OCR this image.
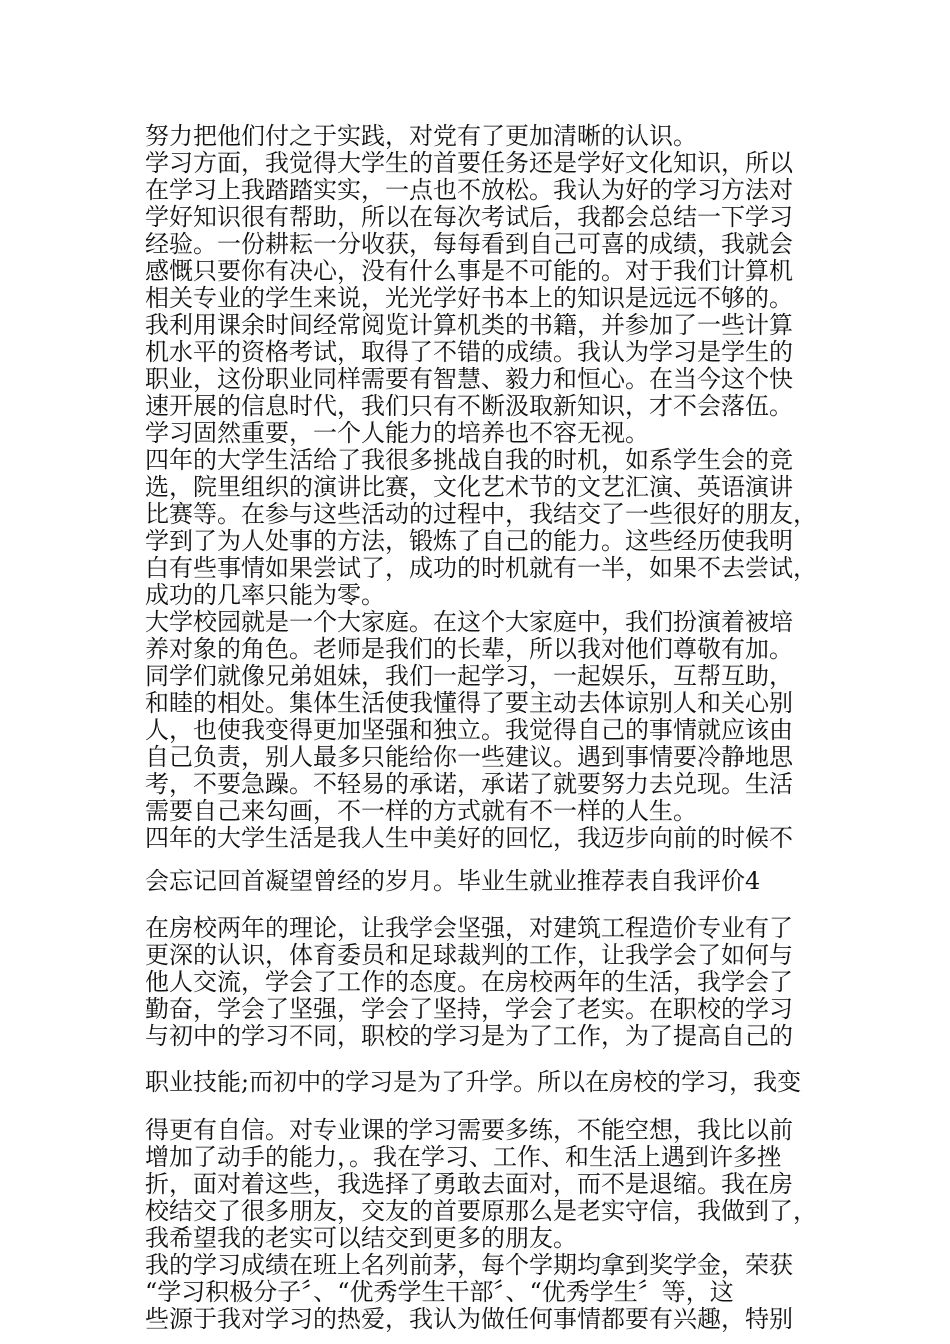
努力把他们付之于实践，对党有了更加清晰的认识。
学习方面，我觉得大学生的首要任务还是学好文化知识，所以
在学习上我踏踏实实，一点也不放松。我认为好的学习方法对
学好知识很有帮助，所以在每次考试后，我都会总结一下学习
经验。一份耕耘一分收获，每每看到自己可喜的成绩，我就会
感慨只要你有决心，没有什么事是不可能的。对于我们计算机
相关专业的学生来说，光光学好书本上的知识是远远不够的。
我利用课余时间经常阅览计算机类的书籍，并参加了一些计算
机水平的资格考试，取得了不错的成绩。我认为学习是学生的
职业，这份职业同样需要有智慧、毅力和恒心。在当今这个快
速开展的信息时代，我们只有不断汲取新知识，才不会落伍。
学习固然重要，一个人能力的培养也不容无视。
四年的大学生活给了我很多挑战自我的时机，如系学生会的竞
选，院里组织的演讲比赛，文化艺术节的文艺汇演、英语演讲
比赛等。在参与这些活动的过程中，我结交了一些很好的朋友，
学到了为人处事的方法，锻炼了自己的能力。这些经历使我明
白有些事情如果尝试了，成功的时机就有一半，如果不去尝试，
成功的几率只能为零。
大学校园就是一个大家庭。在这个大家庭中，我们扮演着被培
养对象的角色。老师是我们的长辈，所以我对他们尊敬有加。
同学们就像兄弟姐妹，我们一起学习，一起娱乐，互帮互助，
和睦的相处。集体生活使我懂得了要主动去体谅别人和关心别
人，也使我变得更加坚强和独立。我觉得自己的事情就应该由
自己负责，别人最多只能给你一些建议。遇到事情要冷静地思
考，不要急躁。不轻易的承诺，承诺了就要努力去兑现。生活
需要自己来勾画，不一样的方式就有不一样的人生。
四年的大学生活是我人生中美好的回忆，我迈步向前的时候不
会忘记回首凝望曾经的岁月。毕业生就业推荐表自我评价4
在房校两年的理论，让我学会坚强，对建筑工程造价专业有了
更深的认识，体育委员和足球裁判的工作，让我学会了如何与
他人交流，学会了工作的态度。在房校两年的生活，我学会了
勤奋，学会了坚强，学会了坚持，学会了老实。在职校的学习
与初中的学习不同，职校的学习是为了工作，为了提高自己的
职业技能;而初中的学习是为了升学。所以在房校的学习，我变
得更有自信。对专业课的学习需要多练，不能空想，我比以前
增加了动手的能力，。我在学习、工作、和生活上遇到许多挫
折，面对着这些，我选择了勇敢去面对，而不是退缩。我在房
校结交了很多朋友，交友的首要原那么是老实守信，我做到了，
我希望我的老实可以结交到更多的朋友。
我的学习成绩在班上名列前茅，每个学期均拿到奖学金，荣获
“学习积极分子〞、“优秀学生干部〞、“优秀学生〞等，这
些源于我对学习的热爱，我认为做任何事情都要有兴趣，特别
